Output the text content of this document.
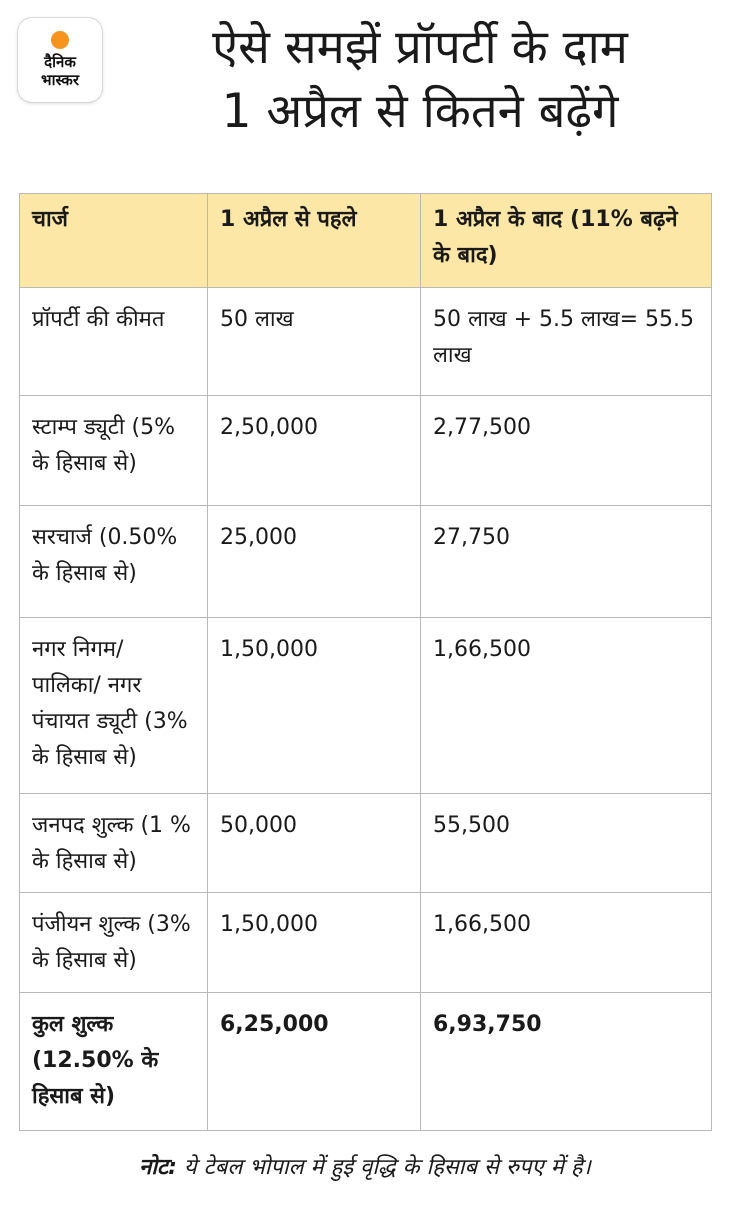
दैनिक
भास्कर
ऐसे समझें प्रॉपर्टी के दाम
1 अप्रैल से कितने बढ़ेंगे
चार्ज	1 अप्रैल से पहले	1 अप्रैल के बाद (11% बढ़ने के बाद)
प्रॉपर्टी की कीमत	50 लाख	50 लाख + 5.5 लाख= 55.5 लाख
स्टाम्प ड्यूटी (5% के हिसाब से)	2,50,000	2,77,500
सरचार्ज (0.50% के हिसाब से)	25,000	27,750
नगर निगम/ पालिका/ नगर पंचायत ड्यूटी (3% के हिसाब से)	1,50,000	1,66,500
जनपद शुल्क (1 % के हिसाब से)	50,000	55,500
पंजीयन शुल्क (3% के हिसाब से)	1,50,000	1,66,500
कुल शुल्क (12.50% के हिसाब से)	6,25,000	6,93,750
नोट: ये टेबल भोपाल में हुई वृद्धि के हिसाब से रुपए में है।
